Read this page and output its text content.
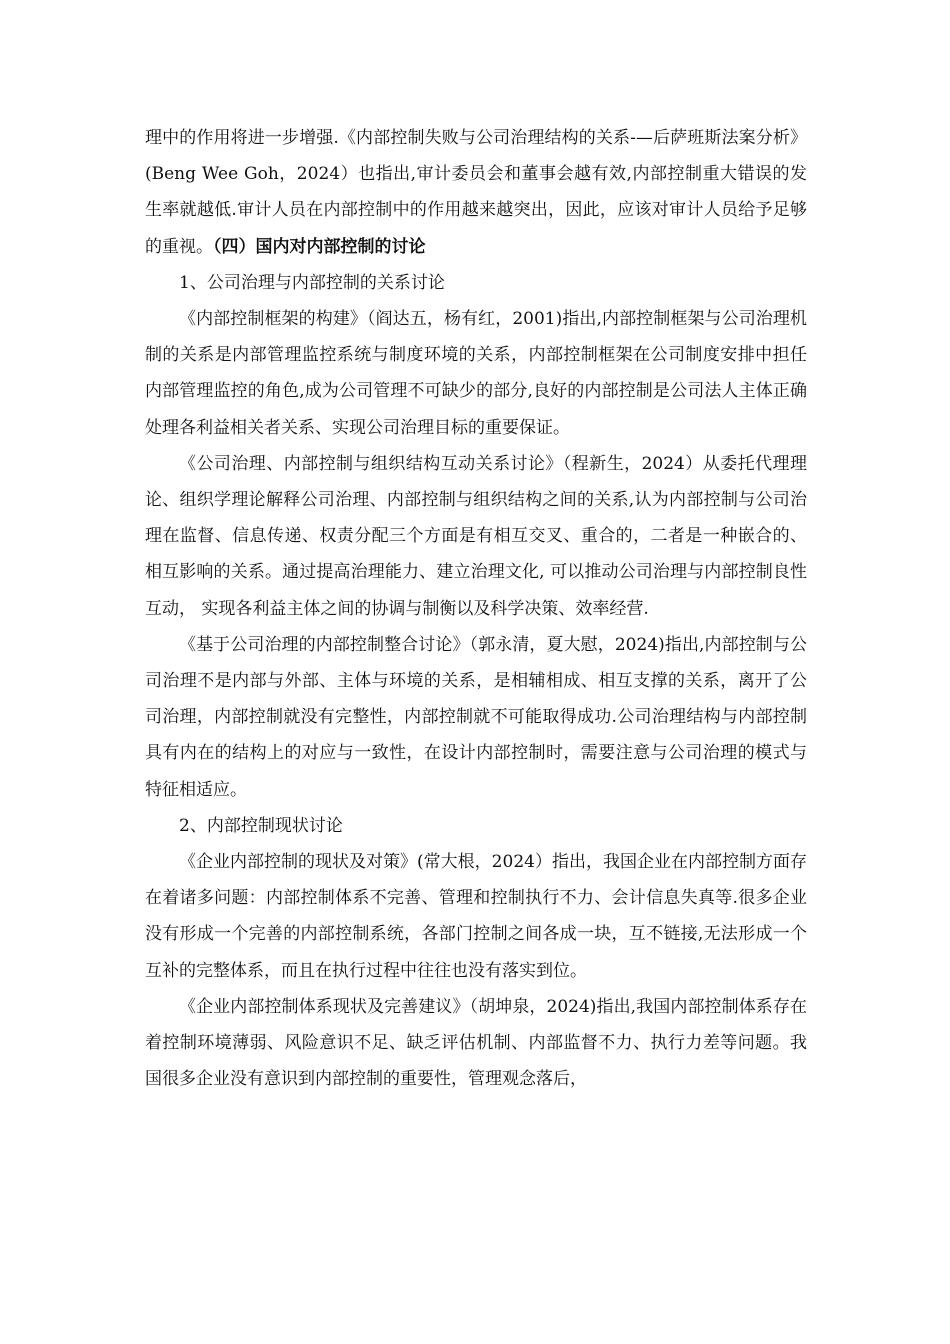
理中的作用将进一步增强.《内部控制失败与公司治理结构的关系-—后萨班斯法案分析》(Beng Wee Goh，2024）也指出,审计委员会和董事会越有效,内部控制重大错误的发生率就越低.审计人员在内部控制中的作用越来越突出，因此，应该对审计人员给予足够的重视。（四）国内对内部控制的讨论

1、公司治理与内部控制的关系讨论

《内部控制框架的构建》（阎达五，杨有红，2001)指出,内部控制框架与公司治理机制的关系是内部管理监控系统与制度环境的关系，内部控制框架在公司制度安排中担任内部管理监控的角色,成为公司管理不可缺少的部分,良好的内部控制是公司法人主体正确处理各利益相关者关系、实现公司治理目标的重要保证。

《公司治理、内部控制与组织结构互动关系讨论》（程新生，2024）从委托代理理论、组织学理论解释公司治理、内部控制与组织结构之间的关系,认为内部控制与公司治理在监督、信息传递、权责分配三个方面是有相互交叉、重合的，二者是一种嵌合的、相互影响的关系。通过提高治理能力、建立治理文化, 可以推动公司治理与内部控制良性互动， 实现各利益主体之间的协调与制衡以及科学决策、效率经营.

《基于公司治理的内部控制整合讨论》（郭永清，夏大慰，2024)指出,内部控制与公司治理不是内部与外部、主体与环境的关系，是相辅相成、相互支撑的关系，离开了公司治理，内部控制就没有完整性，内部控制就不可能取得成功.公司治理结构与内部控制具有内在的结构上的对应与一致性，在设计内部控制时，需要注意与公司治理的模式与特征相适应。

2、内部控制现状讨论

《企业内部控制的现状及对策》(常大根，2024）指出，我国企业在内部控制方面存在着诸多问题：内部控制体系不完善、管理和控制执行不力、会计信息失真等.很多企业没有形成一个完善的内部控制系统，各部门控制之间各成一块，互不链接,无法形成一个互补的完整体系，而且在执行过程中往往也没有落实到位。

《企业内部控制体系现状及完善建议》（胡坤泉，2024)指出,我国内部控制体系存在着控制环境薄弱、风险意识不足、缺乏评估机制、内部监督不力、执行力差等问题。我国很多企业没有意识到内部控制的重要性，管理观念落后，
